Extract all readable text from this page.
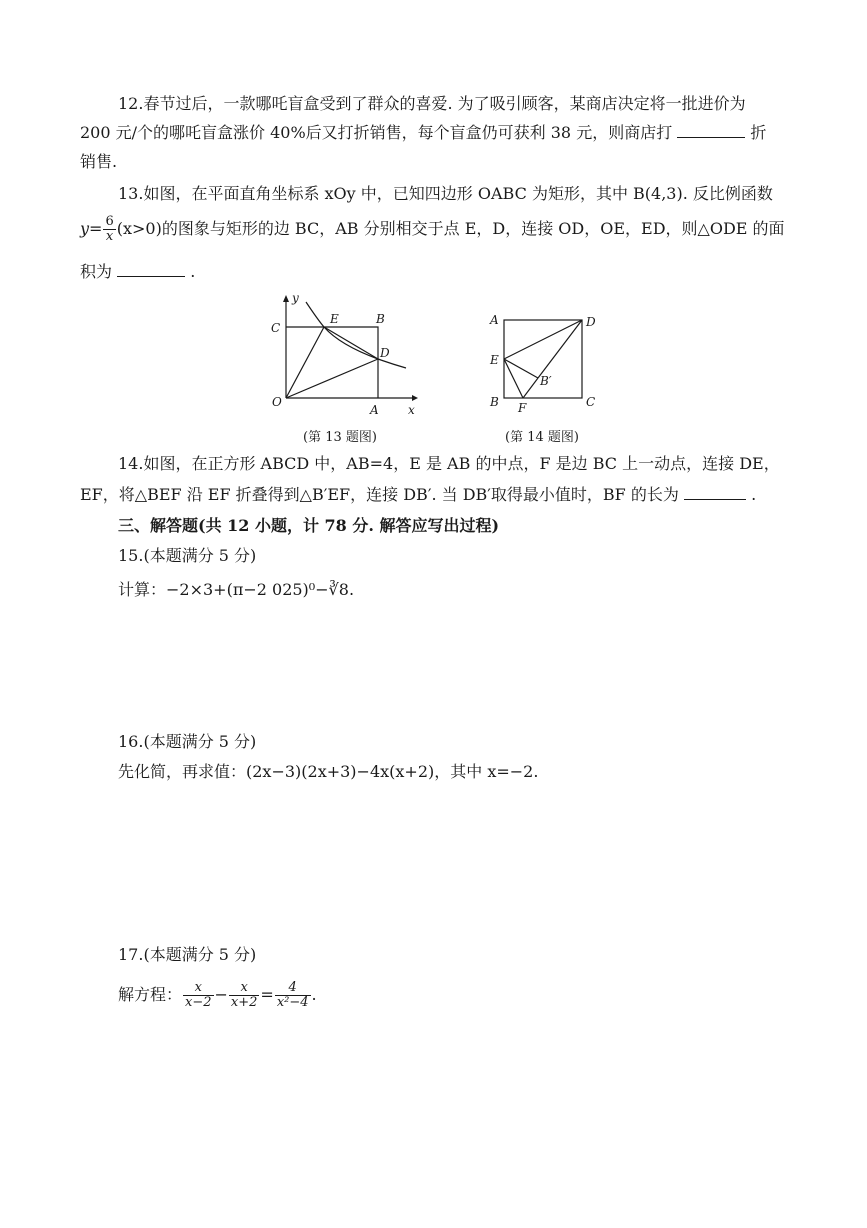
12.春节过后，一款哪吒盲盒受到了群众的喜爱. 为了吸引顾客，某商店决定将一批进价为
200 元/个的哪吒盲盒涨价 40%后又打折销售，每个盲盒仍可获利 38 元，则商店打	折
销售.
13.如图，在平面直角坐标系 xOy 中，已知四边形 OABC 为矩形，其中 B(4,3). 反比例函数
$y= \frac{6}{x} (x>0)$的图象与矩形的边 BC，AB 分别相交于点 E，D，连接 OD，OE，ED，则△ODE 的面
积为	.
y
x
C
E	B
D
O
A
(第 13 题图)
A	D
E
B′
B F	C
(第 14 题图)
14.如图，在正方形 ABCD 中，AB=4，E 是 AB 的中点，F 是边 BC 上一动点，连接 DE，
EF，将△BEF 沿 EF 折叠得到△B′EF，连接 DB′. 当 DB′取得最小值时，BF 的长为	.
三、解答题(共 12 小题，计 78 分. 解答应写出过程)
15.(本题满分 5 分)
计算：−2×3+(π−2 025)⁰−∛8.
16.(本题满分 5 分)
先化简，再求值：(2x−3)(2x+3)−4x(x+2)，其中 x=−2.
17.(本题满分 5 分)
解方程： $\frac{x}{x-2} - \frac{x}{x+2} = \frac{4}{\text{x²−4}}$ .
